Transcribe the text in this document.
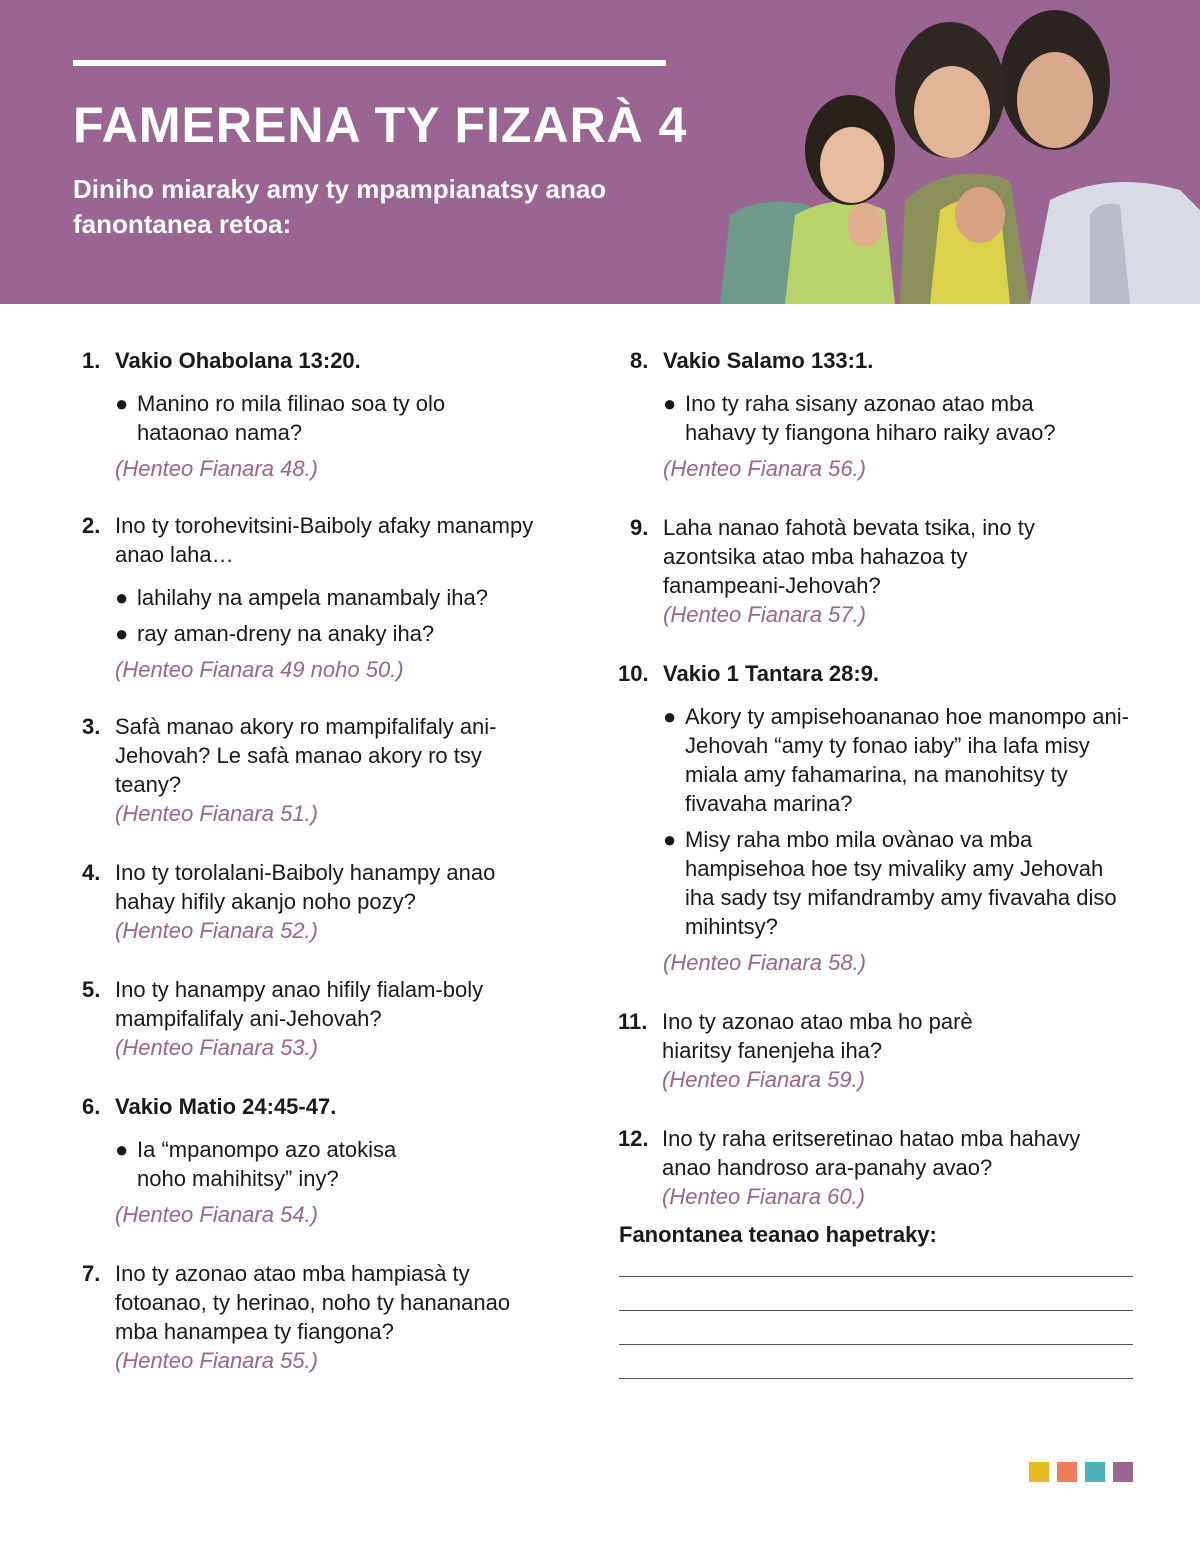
FAMERENA TY FIZARÀ 4
Diniho miaraky amy ty mpampianatsy anao fanontanea retoa:
1. Vakio Ohabolana 13:20.
● Manino ro mila filinao soa ty olo hataonao nama?
(Henteo Fianara 48.)
2. Ino ty torohevitsini-Baiboly afaky manampy anao laha…
● lahilahy na ampela manambaly iha?
● ray aman-dreny na anaky iha?
(Henteo Fianara 49 noho 50.)
3. Safà manao akory ro mampifalifaly ani-Jehovah? Le safà manao akory ro tsy teany?
(Henteo Fianara 51.)
4. Ino ty torolalani-Baiboly hanampy anao hahay hifily akanjo noho pozy?
(Henteo Fianara 52.)
5. Ino ty hanampy anao hifily fialam-boly mampifalifaly ani-Jehovah?
(Henteo Fianara 53.)
6. Vakio Matio 24:45-47.
● Ia “mpanompo azo atokisa noho mahihitsy” iny?
(Henteo Fianara 54.)
7. Ino ty azonao atao mba hampiasà ty fotoanao, ty herinao, noho ty hanananao mba hanampea ty fiangona?
(Henteo Fianara 55.)
8. Vakio Salamo 133:1.
● Ino ty raha sisany azonao atao mba hahavy ty fiangona hiharo raiky avao?
(Henteo Fianara 56.)
9. Laha nanao fahotà bevata tsika, ino ty azontsika atao mba hahazoa ty fanampeani-Jehovah?
(Henteo Fianara 57.)
10. Vakio 1 Tantara 28:9.
● Akory ty ampisehoananao hoe manompo ani-Jehovah “amy ty fonao iaby” iha lafa misy miala amy fahamarina, na manohitsy ty fivavaha marina?
● Misy raha mbo mila ovànao va mba hampisehoa hoe tsy mivaliky amy Jehovah iha sady tsy mifandramby amy fivavaha diso mihintsy?
(Henteo Fianara 58.)
11. Ino ty azonao atao mba ho parè hiaritsy fanenjeha iha?
(Henteo Fianara 59.)
12. Ino ty raha eritseretinao hatao mba hahavy anao handroso ara-panahy avao?
(Henteo Fianara 60.)
Fanontanea teanao hapetraky:
